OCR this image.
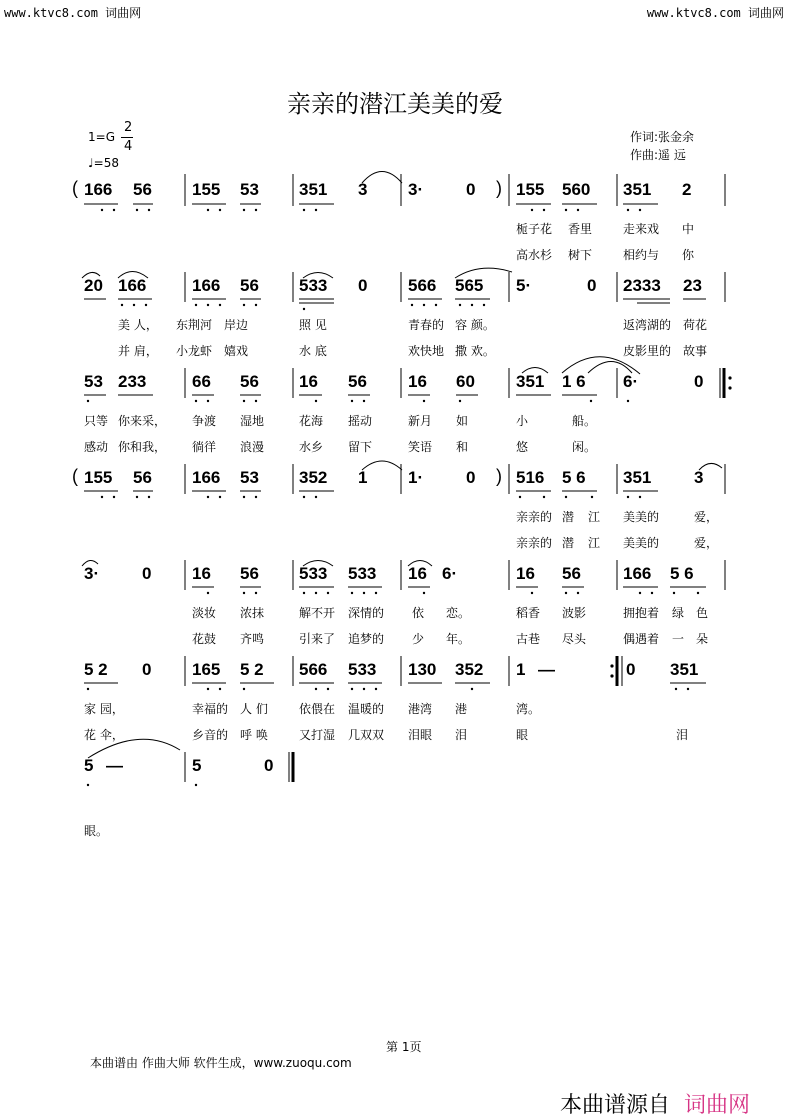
www.ktvc8.com 词曲网	www.ktvc8.com 词曲网
亲亲的潜江美美的爱
1=G
2
4
♩=58
作词:张金余
作曲:遥 远
( 166 56 155 53 351 3 3·	0 ) 155 560 351 2
栀子花 香里	走来戏 中
高水杉 树下	相约与 你
20 166	166 56 533 0 566 565 5·	0 2333 23
美 人， 东荆河 岸边	照 见	青春的 容 颜。	返湾湖的 荷花
并 肩， 小龙虾 嬉戏	水 底	欢快地 撒 欢。	皮影里的 故事
53 233	66 56 16 56 16 60 351 1 6 6·	0
只等 你来采， 争渡 湿地	花海 摇动	新月 如	小	船。
感动 你和我， 徜徉 浪漫	水乡 留下	笑语 和	悠	闲。
( 155 56 166 53 352 1 1·	0 ) 516 5 6 351	3
亲亲的 潜 江 美美的	爱，
亲亲的 潜 江 美美的	爱，
3·	0 16 56 533 533 16 6·	16 56 166 5 6
淡妆 浓抹	解不开 深情的 依 恋。	稻香 波影	拥抱着 绿 色
花鼓 齐鸣	引来了 追梦的 少 年。	古巷 尽头	偶遇着 一 朵
5 2 0 165 5 2 566 533 130 352 1 —	0 351
家 园，	幸福的 人 们	依偎在 温暖的 港湾 港	湾。
花 伞，	乡音的 呼 唤	又打湿 几双双 泪眼 泪	眼	泪
5 —	5	0
眼。
第 1页
本曲谱由 作曲大师 软件生成，www.zuoqu.com
本曲谱源自 词曲网
